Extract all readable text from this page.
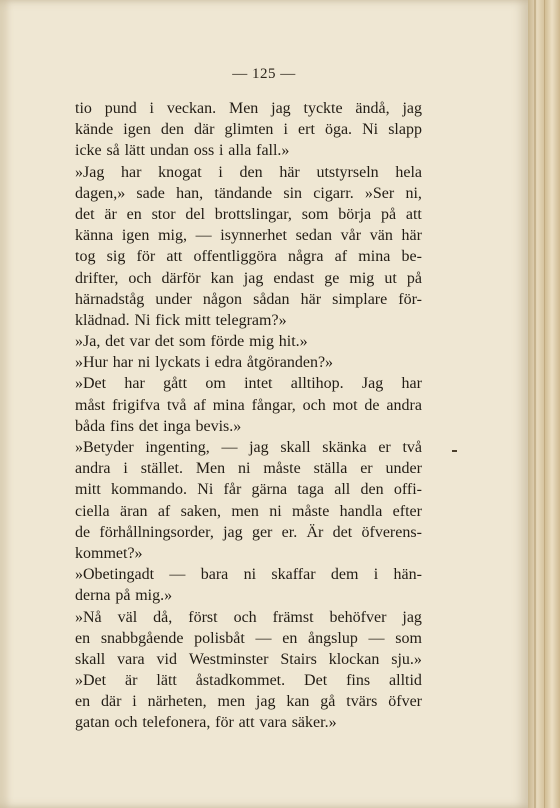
— 125 —
tio pund i veckan. Men jag tyckte ändå, jag
kände igen den där glimten i ert öga. Ni slapp
icke så lätt undan oss i alla fall.»
»Jag har knogat i den här utstyrseln hela
dagen,» sade han, tändande sin cigarr. »Ser ni,
det är en stor del brottslingar, som börja på att
känna igen mig, — isynnerhet sedan vår vän här
tog sig för att offentliggöra några af mina be-
drifter, och därför kan jag endast ge mig ut på
härnadståg under någon sådan här simplare för-
klädnad. Ni fick mitt telegram?»
»Ja, det var det som förde mig hit.»
»Hur har ni lyckats i edra åtgöranden?»
»Det har gått om intet alltihop. Jag har
måst frigifva två af mina fångar, och mot de andra
båda fins det inga bevis.»
»Betyder ingenting, — jag skall skänka er två
andra i stället. Men ni måste ställa er under
mitt kommando. Ni får gärna taga all den offi-
ciella äran af saken, men ni måste handla efter
de förhållningsorder, jag ger er. Är det öfverens-
kommet?»
»Obetingadt — bara ni skaffar dem i hän-
derna på mig.»
»Nå väl då, först och främst behöfver jag
en snabbgående polisbåt — en ångslup — som
skall vara vid Westminster Stairs klockan sju.»
»Det är lätt åstadkommet. Det fins alltid
en där i närheten, men jag kan gå tvärs öfver
gatan och telefonera, för att vara säker.»
